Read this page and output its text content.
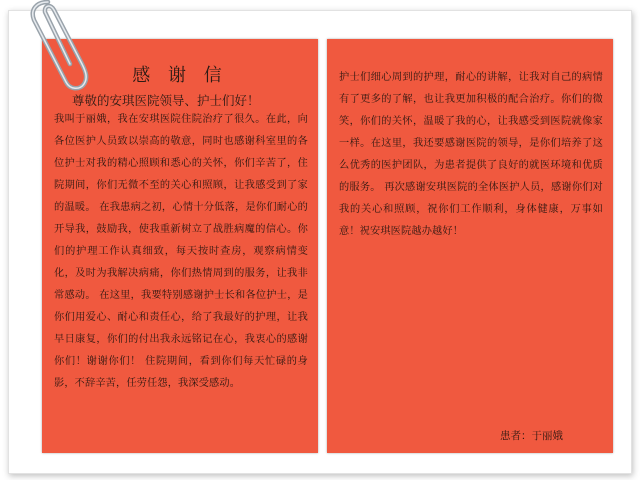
感 谢 信
尊敬的安琪医院领导、护士们好！
我叫于丽娥，我在安琪医院住院治疗了很久。在此，向各位医护人员致以崇高的敬意，同时也感谢科室里的各位护士对我的精心照顾和悉心的关怀，你们辛苦了，住院期间，你们无微不至的关心和照顾，让我感受到了家的温暖。 在我患病之初，心情十分低落，是你们耐心的开导我，鼓励我，使我重新树立了战胜病魔的信心。你们的护理工作认真细致，每天按时查房，观察病情变化，及时为我解决病痛，你们热情周到的服务，让我非常感动。 在这里，我要特别感谢护士长和各位护士，是你们用爱心、耐心和责任心，给了我最好的护理，让我早日康复，你们的付出我永远铭记在心，我衷心的感谢你们！谢谢你们！ 住院期间，看到你们每天忙碌的身影，不辞辛苦，任劳任怨，我深受感动。
护士们细心周到的护理，耐心的讲解，让我对自己的病情有了更多的了解，也让我更加积极的配合治疗。你们的微笑，你们的关怀，温暖了我的心，让我感受到医院就像家一样。在这里，我还要感谢医院的领导，是你们培养了这么优秀的医护团队，为患者提供了良好的就医环境和优质的服务。 再次感谢安琪医院的全体医护人员，感谢你们对我的关心和照顾，祝你们工作顺利，身体健康，万事如意！祝安琪医院越办越好！
患者：于丽娥
